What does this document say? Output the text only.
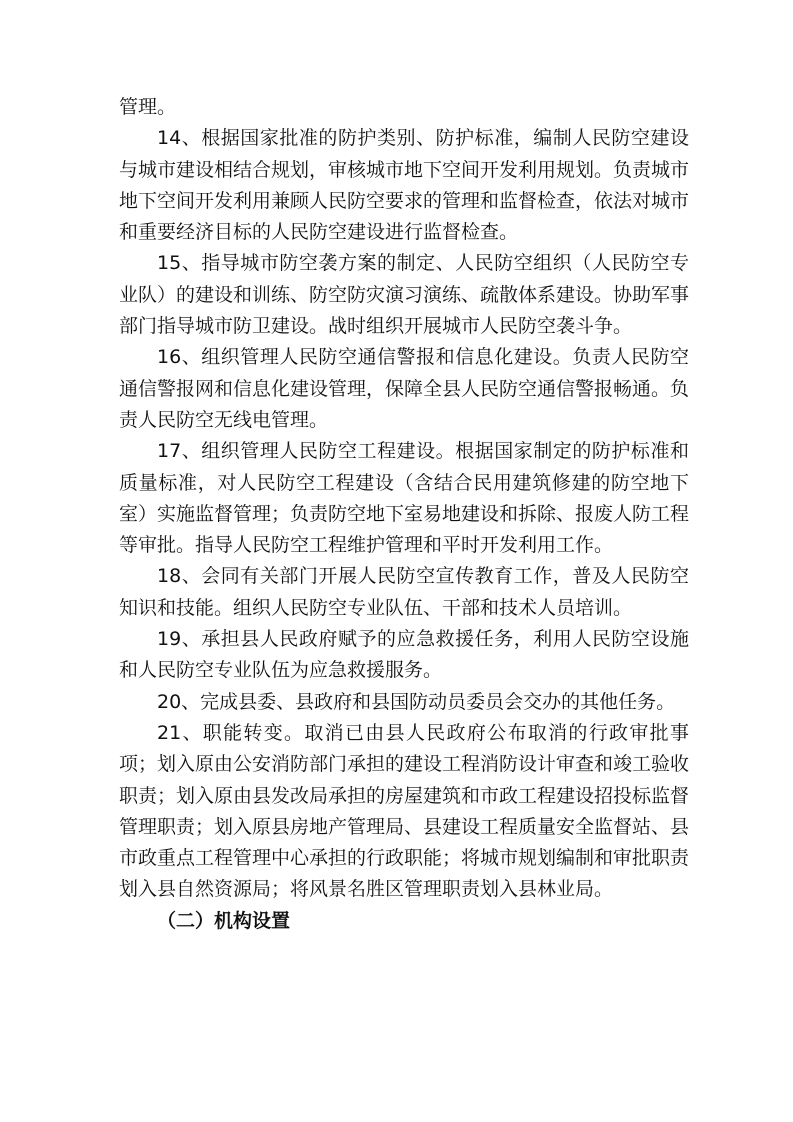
管理。

14、根据国家批准的防护类别、防护标准，编制人民防空建设与城市建设相结合规划，审核城市地下空间开发利用规划。负责城市地下空间开发利用兼顾人民防空要求的管理和监督检查，依法对城市和重要经济目标的人民防空建设进行监督检查。

15、指导城市防空袭方案的制定、人民防空组织（人民防空专业队）的建设和训练、防空防灾演习演练、疏散体系建设。协助军事部门指导城市防卫建设。战时组织开展城市人民防空袭斗争。

16、组织管理人民防空通信警报和信息化建设。负责人民防空通信警报网和信息化建设管理，保障全县人民防空通信警报畅通。负责人民防空无线电管理。

17、组织管理人民防空工程建设。根据国家制定的防护标准和质量标准，对人民防空工程建设（含结合民用建筑修建的防空地下室）实施监督管理；负责防空地下室易地建设和拆除、报废人防工程等审批。指导人民防空工程维护管理和平时开发利用工作。

18、会同有关部门开展人民防空宣传教育工作，普及人民防空知识和技能。组织人民防空专业队伍、干部和技术人员培训。

19、承担县人民政府赋予的应急救援任务，利用人民防空设施和人民防空专业队伍为应急救援服务。

20、完成县委、县政府和县国防动员委员会交办的其他任务。

21、职能转变。取消已由县人民政府公布取消的行政审批事项；划入原由公安消防部门承担的建设工程消防设计审查和竣工验收职责；划入原由县发改局承担的房屋建筑和市政工程建设招投标监督管理职责；划入原县房地产管理局、县建设工程质量安全监督站、县市政重点工程管理中心承担的行政职能；将城市规划编制和审批职责划入县自然资源局；将风景名胜区管理职责划入县林业局。

（二）机构设置
